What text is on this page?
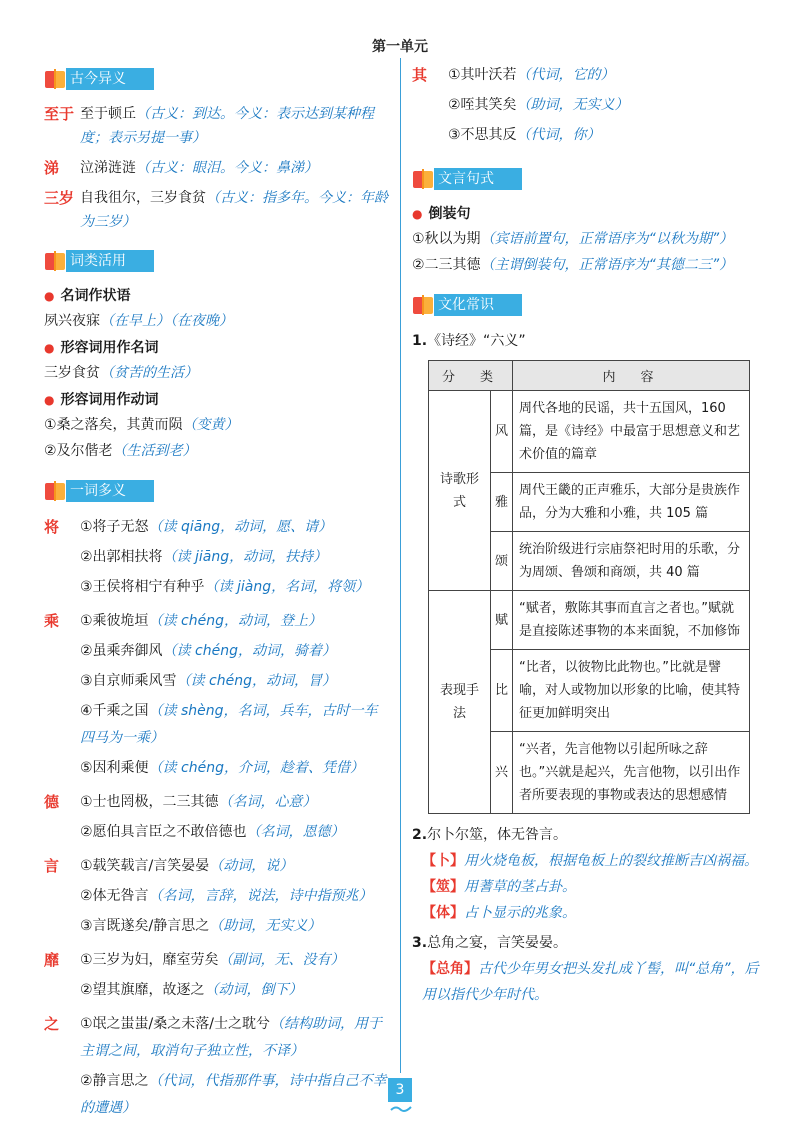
第一单元
古今异义
至于 至于顿丘（古义：到达。今义：表示达到某种程度；表示另提一事）
涕	泣涕涟涟（古义：眼泪。今义：鼻涕）
三岁 自我徂尔，三岁食贫（古义：指多年。今义：年龄为三岁）
词类活用
● 名词作状语
夙兴夜寐（在早上）（在夜晚）
● 形容词用作名词
三岁食贫（贫苦的生活）
● 形容词用作动词
①桑之落矣，其黄而陨（变黄）
②及尔偕老（生活到老）
一词多义
将	①将子无怒（读 qiāng，动词，愿、请）
②出郭相扶将（读 jiāng，动词，扶持）
③王侯将相宁有种乎（读 jiàng，名词，将领）
乘	①乘彼垝垣（读 chéng，动词，登上）
②虽乘奔御风（读 chéng，动词，骑着）
③自京师乘风雪（读 chéng，动词，冒）
④千乘之国（读 shèng，名词，兵车，古时一车四马为一乘）
⑤因利乘便（读 chéng，介词，趁着、凭借）
德	①士也罔极，二三其德（名词，心意）
②愿伯具言臣之不敢倍德也（名词，恩德）
言	①载笑载言/言笑晏晏（动词，说）
②体无咎言（名词，言辞，说法，诗中指预兆）
③言既遂矣/静言思之（助词，无实义）
靡	①三岁为妇，靡室劳矣（副词，无、没有）
②望其旗靡，故逐之（动词，倒下）
之	①氓之蚩蚩/桑之未落/士之耽兮（结构助词，用于主谓之间，取消句子独立性，不译）
②静言思之（代词，代指那件事，诗中指自己不幸的遭遇）
其	①其叶沃若（代词，它的）
②咥其笑矣（助词，无实义）
③不思其反（代词，你）
文言句式
● 倒装句
①秋以为期（宾语前置句，正常语序为“以秋为期”）
②二三其德（主谓倒装句，正常语序为“其德二三”）
文化常识
1.《诗经》“六义”
分　类		内　容
诗歌形式	风	周代各地的民谣，共十五国风，160 篇，是《诗经》中最富于思想意义和艺术价值的篇章
	雅	周代王畿的正声雅乐，大部分是贵族作品，分为大雅和小雅，共 105 篇
	颂	统治阶级进行宗庙祭祀时用的乐歌，分为周颂、鲁颂和商颂，共 40 篇
表现手法	赋	“赋者，敷陈其事而直言之者也。”赋就是直接陈述事物的本来面貌，不加修饰
	比	“比者，以彼物比此物也。”比就是譬喻，对人或物加以形象的比喻，使其特征更加鲜明突出
	兴	“兴者，先言他物以引起所咏之辞也。”兴就是起兴，先言他物，以引出作者所要表现的事物或表达的思想感情
2.尔卜尔筮，体无咎言。
【卜】用火烧龟板，根据龟板上的裂纹推断吉凶祸福。
【筮】用蓍草的茎占卦。
【体】占卜显示的兆象。
3.总角之宴，言笑晏晏。
【总角】古代少年男女把头发扎成丫髻，叫“总角”，后用以指代少年时代。
3
